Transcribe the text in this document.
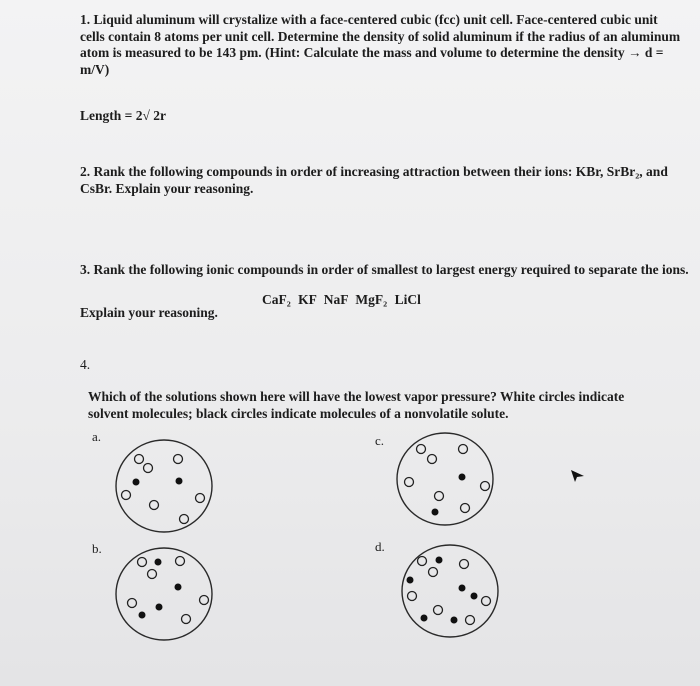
1. Liquid aluminum will crystalize with a face-centered cubic (fcc) unit cell. Face-centered cubic unit
cells contain 8 atoms per unit cell. Determine the density of solid aluminum if the radius of an aluminum
atom is measured to be 143 pm. (Hint: Calculate the mass and volume to determine the density → d =
m/V)
Length = 2√ 2r
2. Rank the following compounds in order of increasing attraction between their ions: KBr, SrBr₂, and
CsBr. Explain your reasoning.
3. Rank the following ionic compounds in order of smallest to largest energy required to separate the ions.
CaF₂ KF NaF MgF₂ LiCl
Explain your reasoning.
4.
Which of the solutions shown here will have the lowest vapor pressure? White circles indicate
solvent molecules; black circles indicate molecules of a nonvolatile solute.
a.	c.
b.	d.
